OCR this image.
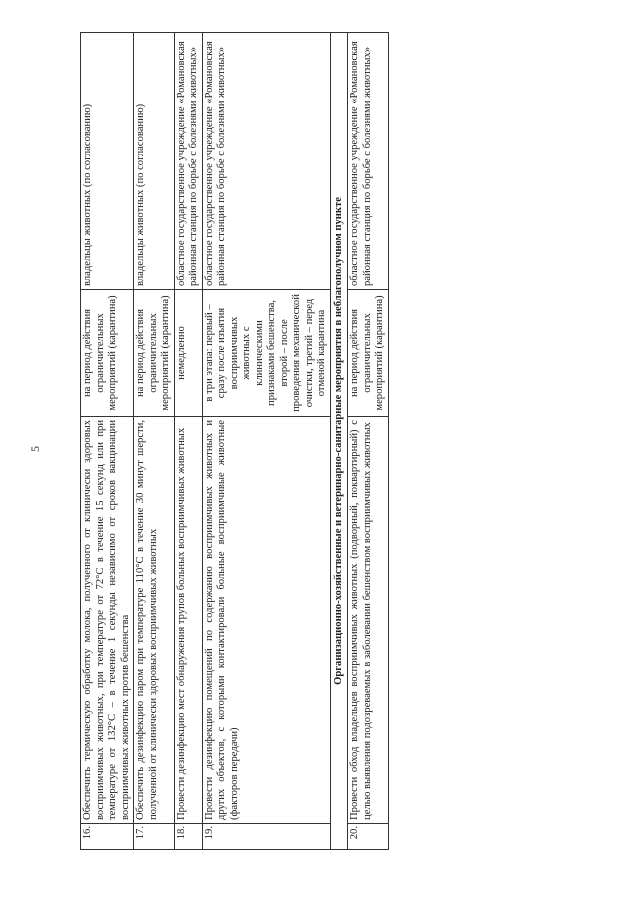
5
16.	Обеспечить термическую обработку молока, полученного от клинически здоровых восприимчивых животных, при температуре от 72°С в течение 15 секунд или при температуре от 132°С – в течение 1 секунды независимо от сроков вакцинации восприимчивых животных против бешенства	на период действия ограничительных мероприятий (карантина)	владельцы животных (по согласованию)
17.	Обеспечить дезинфекцию паром при температуре 110°С в течение 30 минут шерсти, полученной от клинически здоровых восприимчивых животных	на период действия ограничительных мероприятий (карантина)	владельцы животных (по согласованию)
18.	Провести дезинфекцию мест обнаружения трупов больных восприимчивых животных	немедленно	областное государственное учреждение «Романовская районная станция по борьбе с болезнями животных»
19.	Провести дезинфекцию помещений по содержанию восприимчивых животных и других объектов, с которыми контактировали больные восприимчивые животные (факторов передачи)	в три этапа: первый – сразу после изъятия восприимчивых животных с клиническими признаками бешенства, второй – после проведения механической очистки, третий – перед отменой карантина	областное государственное учреждение «Романовская районная станция по борьбе с болезнями животных»
Организационно-хозяйственные и ветеринарно-санитарные мероприятия в неблагополучном пункте			
20.	Провести обход владельцев восприимчивых животных (подворный, поквартирный) с целью выявления подозреваемых в заболевании бешенством восприимчивых животных	на период действия ограничительных мероприятий (карантина)	областное государственное учреждение «Романовская районная станция по борьбе с болезнями животных»
